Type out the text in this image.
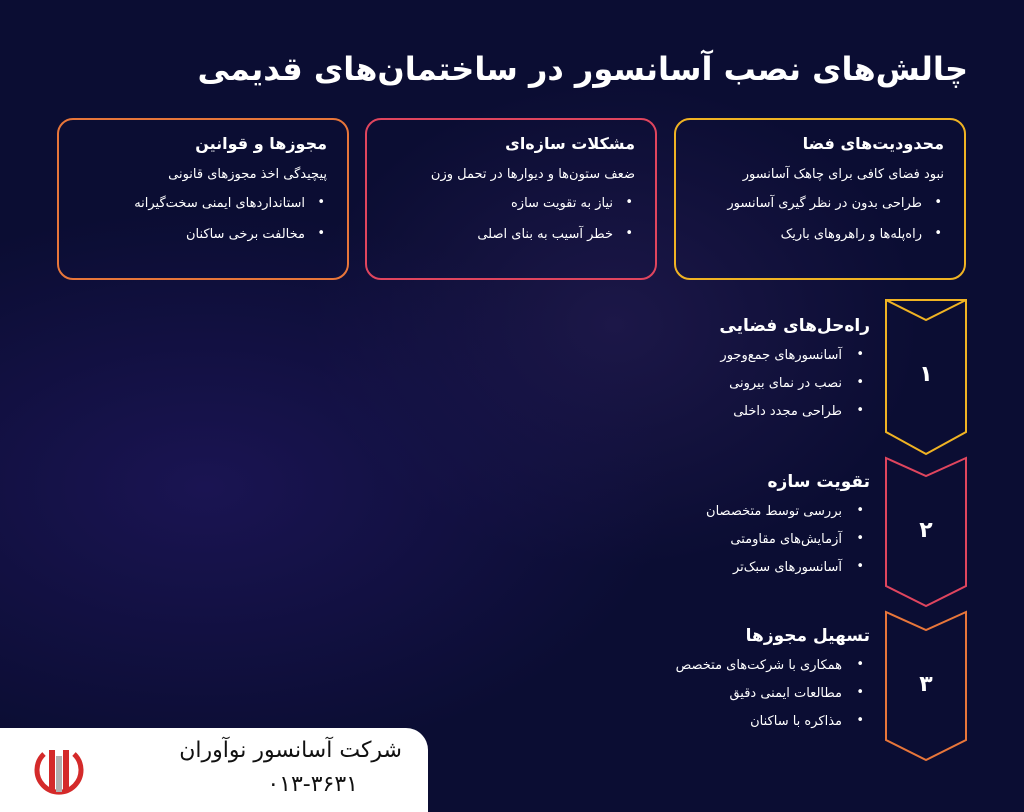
چالش‌های نصب آسانسور در ساختمان‌های قدیمی
محدودیت‌های فضا
نبود فضای کافی برای چاهک آسانسور
• طراحی بدون در نظر گیری آسانسور
• راه‌پله‌ها و راهروهای باریک
مشکلات سازه‌ای
ضعف ستون‌ها و دیوارها در تحمل وزن
• نیاز به تقویت سازه
• خطر آسیب به بنای اصلی
مجوزها و قوانین
پیچیدگی اخذ مجوزهای قانونی
• استانداردهای ایمنی سخت‌گیرانه
• مخالفت برخی ساکنان
۱
راه‌حل‌های فضایی
• آسانسورهای جمع‌وجور
• نصب در نمای بیرونی
• طراحی مجدد داخلی
۲
تقویت سازه
• بررسی توسط متخصصان
• آزمایش‌های مقاومتی
• آسانسورهای سبک‌تر
۳
تسهیل مجوزها
• همکاری با شرکت‌های متخصص
• مطالعات ایمنی دقیق
• مذاکره با ساکنان
شرکت آسانسور نوآوران
۰۱۳-۳۶۳۱
